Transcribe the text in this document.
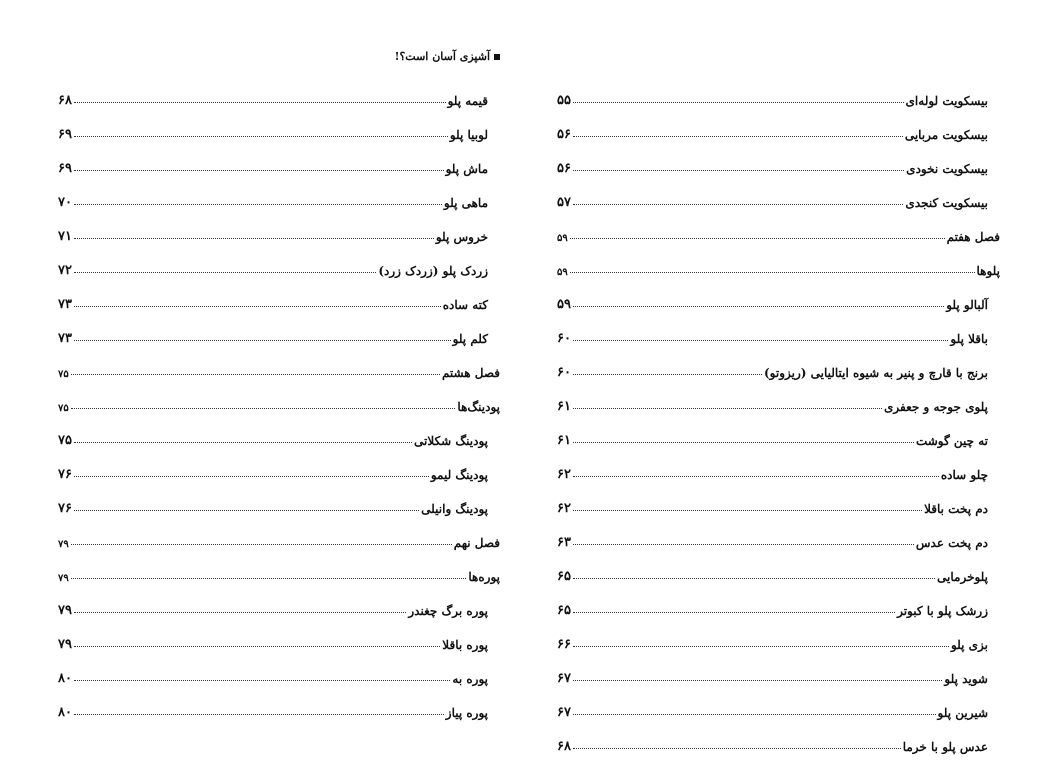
آشپزی آسان است؟!
بیسکویت لوله‌ای
۵۵
بیسکویت مربایی
۵۶
بیسکویت نخودی
۵۶
بیسکویت کنجدی
۵۷
فصل هفتم
۵۹
پلوها
۵۹
آلبالو پلو
۵۹
باقلا پلو
۶۰
برنج با قارچ و پنیر به شیوه ایتالیایی (ریزوتو)
۶۰
پلوی جوجه و جعفری
۶۱
ته چین گوشت
۶۱
چلو ساده
۶۲
دم پخت باقلا
۶۲
دم پخت عدس
۶۳
پلوخرمایی
۶۵
زرشک پلو با کبوتر
۶۵
بزی پلو
۶۶
شوید پلو
۶۷
شیرین پلو
۶۷
عدس پلو با خرما
۶۸
قیمه پلو
۶۸
لوبیا پلو
۶۹
ماش پلو
۶۹
ماهی پلو
۷۰
خروس پلو
۷۱
زردک پلو (زردک زرد)
۷۲
کته ساده
۷۳
کلم پلو
۷۳
فصل هشتم
۷۵
پودینگ‌ها
۷۵
پودینگ شکلاتی
۷۵
پودینگ لیمو
۷۶
پودینگ وانیلی
۷۶
فصل نهم
۷۹
پوره‌ها
۷۹
پوره برگ چغندر
۷۹
پوره باقلا
۷۹
پوره به
۸۰
پوره پیاز
۸۰
